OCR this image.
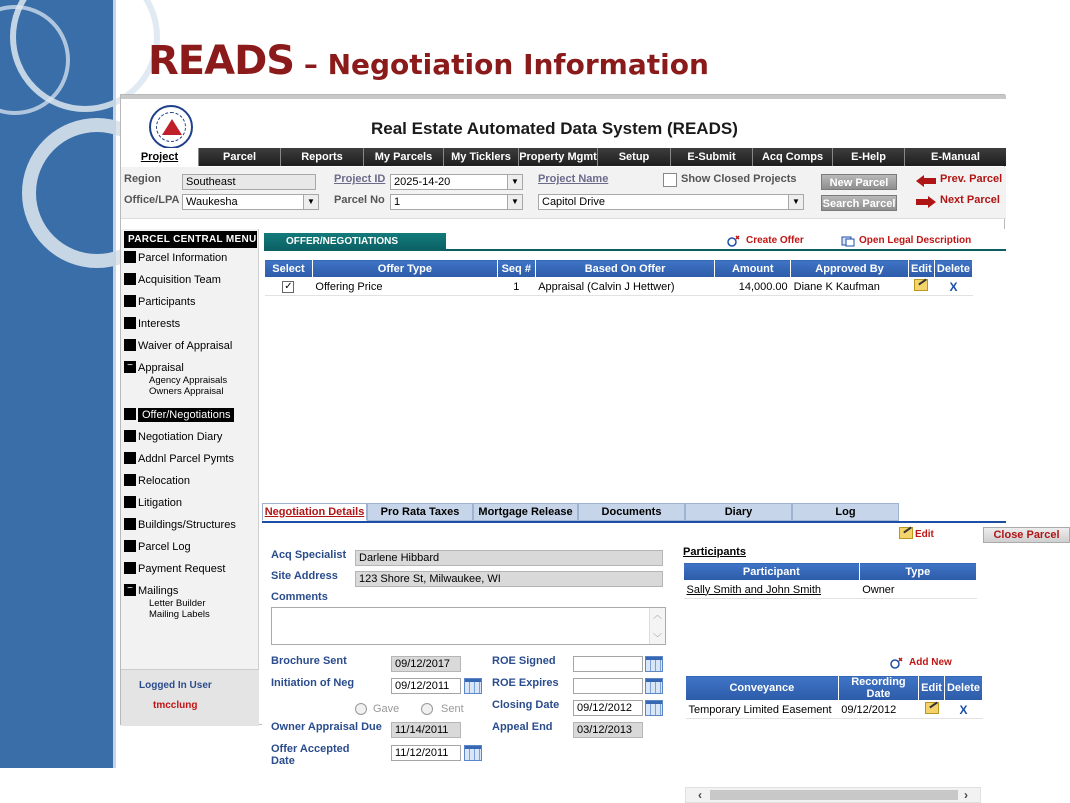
READS – Negotiation Information
Real Estate Automated Data System (READS)
Project	Parcel	Reports	My Parcels	My Ticklers Property Mgmt	Setup	E-Submit	Acq Comps	E-Help	E-Manual
Region	Southeast
Office/LPA Waukesha	▼
Project ID 2025-14-20	▼
Parcel No 1	▼
Project Name	Show Closed Projects
Capitol Drive	▼
New Parcel
Search Parcel
Prev. Parcel
Next Parcel
PARCEL CENTRAL MENU
Parcel Information
Acquisition Team
Participants
Interests
Waiver of Appraisal
− Appraisal
Agency Appraisals
Owners Appraisal
Offer/Negotiations
Negotiation Diary
Addnl Parcel Pymts
Relocation
Litigation
Buildings/Structures
Parcel Log
Payment Request
− Mailings
Letter Builder
Mailing Labels
Logged In User
tmcclung
OFFER/NEGOTIATIONS	Create Offer	Open Legal Description
Select	Offer Type	Seq #	Based On Offer	Amount	Approved By	Edit	Delete
✓	Offering Price	1	Appraisal (Calvin J Hettwer)	14,000.00	Diane K Kaufman		X
Negotiation Details	Pro Rata Taxes	Mortgage Release	Documents	Diary	Log
Edit	Close Parcel
Acq Specialist	Darlene Hibbard
Site Address	123 Shore St, Milwaukee, WI
Comments
︿

﹀
Brochure Sent	09/12/2017
Initiation of Neg	09/12/2011
Gave	Sent
Owner Appraisal Due	11/14/2011
Offer Accepted
Date
11/12/2011
ROE Signed
ROE Expires
Closing Date	09/12/2012
Appeal End	03/12/2013
Participants
Participant	Type
Sally Smith and John Smith	Owner
Add New
Conveyance	Recording Date	Edit	Delete
Temporary Limited Easement	09/12/2012		X
‹	›
